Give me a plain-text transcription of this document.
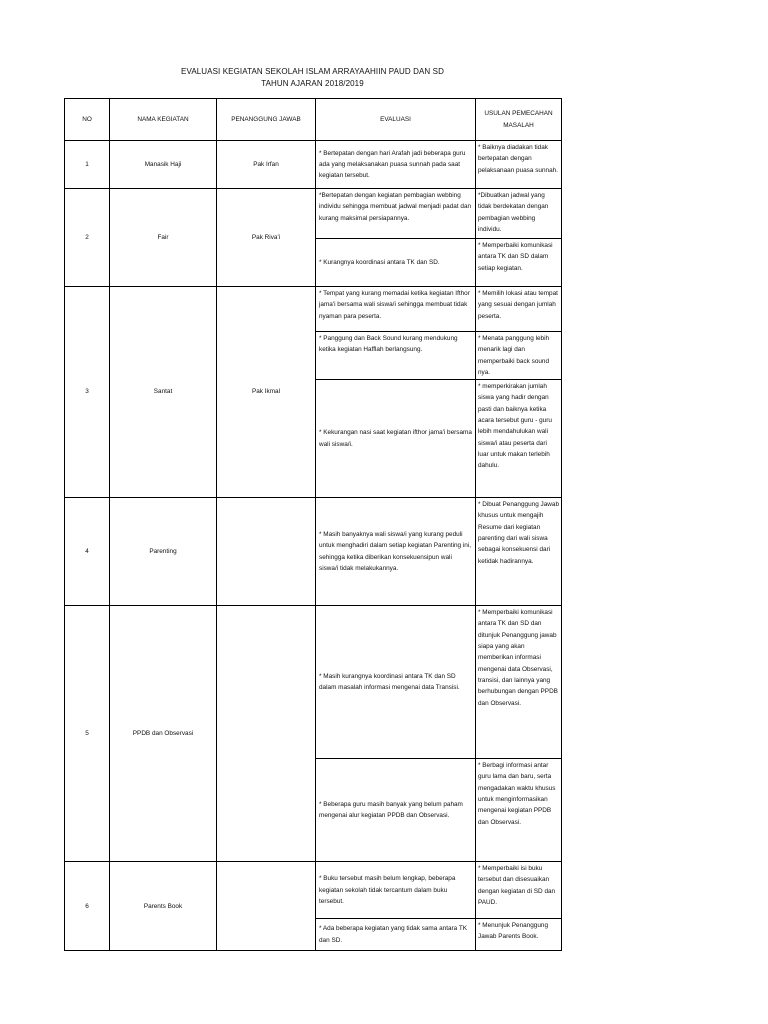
EVALUASI KEGIATAN SEKOLAH ISLAM ARRAYAAHIIN PAUD DAN SD
TAHUN AJARAN 2018/2019
NO	NAMA KEGIATAN	PENANGGUNG JAWAB	EVALUASI	USULAN PEMECAHAN MASALAH
1	Manasik Haji	Pak Irfan	* Bertepatan dengan hari Arafah jadi beberapa guru ada yang melaksanakan puasa sunnah pada saat kegiatan tersebut.	* Baiknya diadakan tidak bertepatan dengan pelaksanaan puasa sunnah.
2	Fair	Pak Riva'i	*Bertepatan dengan kegiatan pembagian webbing individu sehingga membuat jadwal menjadi padat dan kurang maksimal persiapannya.	*Dibuatkan jadwal yang tidak berdekatan dengan pembagian webbing individu.
			* Kurangnya koordinasi antara TK dan SD.	* Memperbaiki komunikasi antara TK dan SD dalam setiap kegiatan.
3	Santat	Pak Ikmal	* Tempat yang kurang memadai ketika kegiatan Ifthor jama'i bersama wali siswa/i sehingga membuat tidak nyaman para peserta.	* Memilih lokasi atau tempat yang sesuai dengan jumlah peserta.
			* Panggung dan Back Sound kurang mendukung ketika kegiatan Hafflah berlangsung.	* Menata panggung lebih menarik lagi dan memperbaiki back sound nya.
			* Kekurangan nasi saat kegiatan ifthor jama'i bersama wali siswa/i.	* memperkirakan jumlah siswa yang hadir dengan pasti dan baiknya ketika acara tersebut guru - guru lebih mendahulukan wali siswa/i atau peserta dari luar untuk makan terlebih dahulu.
4	Parenting		* Masih banyaknya wali siswa/i yang kurang peduli untuk menghadiri dalam setiap kegiatan Parenting ini, sehingga ketika diberikan konsekuensipun wali siswa/i tidak melakukannya.	* Dibuat Penanggung Jawab khusus untuk mengajih Resume dari kegiatan parenting dari wali siswa sebagai konsekuensi dari ketidak hadirannya.
5	PPDB dan Observasi		* Masih kurangnya koordinasi antara TK dan SD dalam masalah informasi mengenai data Transisi.	* Memperbaiki komunikasi antara TK dan SD dan ditunjuk Penanggung jawab siapa yang akan memberikan informasi mengenai data Observasi, transisi, dan lainnya yang berhubungan dengan PPDB dan Observasi.
			* Beberapa guru masih banyak yang belum paham mengenai alur kegiatan PPDB dan Observasi.	* Berbagi informasi antar guru lama dan baru, serta mengadakan waktu khusus untuk menginformasikan mengenai kegiatan PPDB dan Observasi.
6	Parents Book		* Buku tersebut masih belum lengkap, beberapa kegiatan sekolah tidak tercantum dalam buku tersebut.	* Memperbaiki isi buku tersebut dan disesuaikan dengan kegiatan di SD dan PAUD.
			* Ada beberapa kegiatan yang tidak sama antara TK dan SD.	* Menunjuk Penanggung Jawab Parents Book.
